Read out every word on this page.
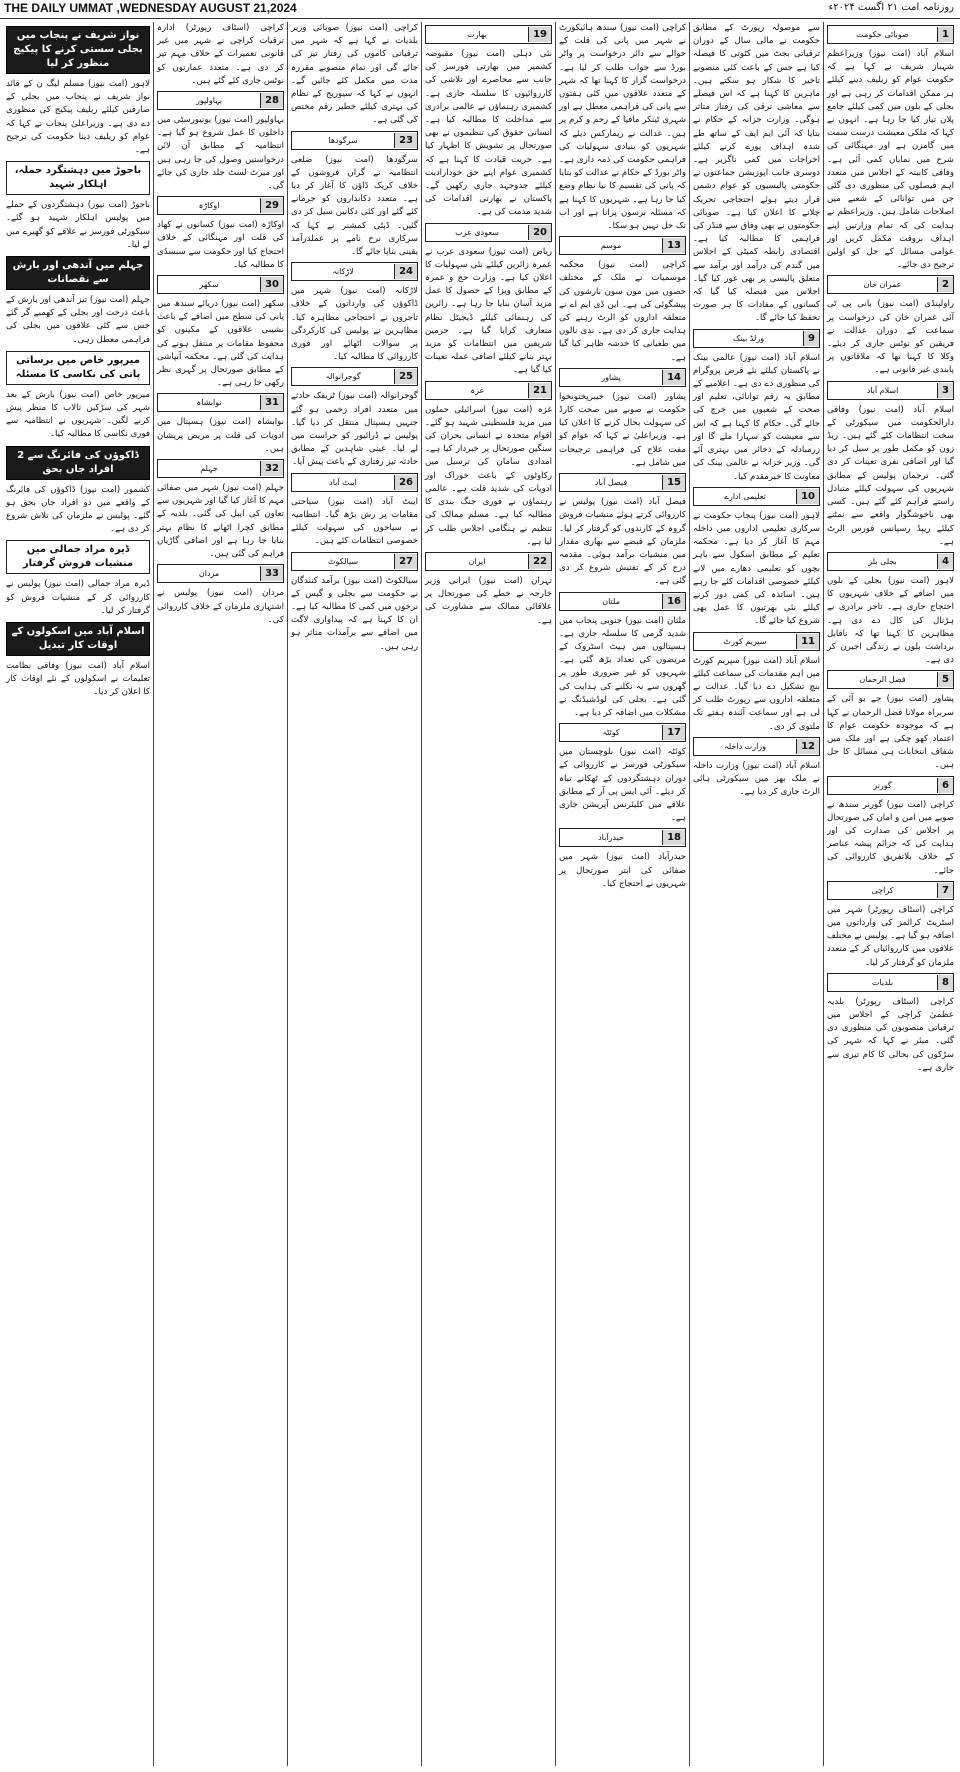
THE DAILY UMMAT ,WEDNESDAY AUGUST 21,2024	روزنامہ امت ۲۱ اگست ۲۰۲۴ء
1
صوبائی حکومت

اسلام آباد (امت نیوز) وزیراعظم شہباز شریف نے کہا ہے کہ حکومت عوام کو ریلیف دینے کیلئے ہر ممکن اقدامات کر رہی ہے اور بجلی کے بلوں میں کمی کیلئے جامع پلان تیار کیا جا رہا ہے۔ انہوں نے کہا کہ ملکی معیشت درست سمت میں گامزن ہے اور مہنگائی کی شرح میں نمایاں کمی آئی ہے۔ وفاقی کابینہ کے اجلاس میں متعدد اہم فیصلوں کی منظوری دی گئی جن میں توانائی کے شعبے میں اصلاحات شامل ہیں۔ وزیراعظم نے ہدایت کی کہ تمام وزارتیں اپنے اہداف بروقت مکمل کریں اور عوامی مسائل کے حل کو اولین ترجیح دی جائے۔

2
عمران خان

راولپنڈی (امت نیوز) بانی پی ٹی آئی عمران خان کی درخواست پر سماعت کے دوران عدالت نے فریقین کو نوٹس جاری کر دیئے۔ وکلا کا کہنا تھا کہ ملاقاتوں پر پابندی غیر قانونی ہے۔

3
اسلام آباد

اسلام آباد (امت نیوز) وفاقی دارالحکومت میں سیکورٹی کے سخت انتظامات کئے گئے ہیں۔ ریڈ زون کو مکمل طور پر سیل کر دیا گیا اور اضافی نفری تعینات کر دی گئی۔ ترجمان پولیس کے مطابق شہریوں کی سہولت کیلئے متبادل راستے فراہم کئے گئے ہیں۔ کسی بھی ناخوشگوار واقعے سے نمٹنے کیلئے ریپڈ رسپانس فورس الرٹ ہے۔

4
بجلی بلز

لاہور (امت نیوز) بجلی کے بلوں میں اضافے کے خلاف شہریوں کا احتجاج جاری ہے۔ تاجر برادری نے ہڑتال کی کال دے دی ہے۔ مظاہرین کا کہنا تھا کہ ناقابل برداشت بلوں نے زندگی اجیرن کر دی ہے۔

5
فضل الرحمان

پشاور (امت نیوز) جے یو آئی کے سربراہ مولانا فضل الرحمان نے کہا ہے کہ موجودہ حکومت عوام کا اعتماد کھو چکی ہے اور ملک میں شفاف انتخابات ہی مسائل کا حل ہیں۔

6
گورنر

کراچی (امت نیوز) گورنر سندھ نے صوبے میں امن و امان کی صورتحال پر اجلاس کی صدارت کی اور ہدایت کی کہ جرائم پیشہ عناصر کے خلاف بلاتفریق کارروائی کی جائے۔

7
کراچی

کراچی (اسٹاف رپورٹر) شہر میں اسٹریٹ کرائمز کی وارداتوں میں اضافہ ہو گیا ہے۔ پولیس نے مختلف علاقوں میں کارروائیاں کر کے متعدد ملزمان کو گرفتار کر لیا۔

8
بلدیات

کراچی (اسٹاف رپورٹر) بلدیہ عظمیٰ کراچی کے اجلاس میں ترقیاتی منصوبوں کی منظوری دی گئی۔ میئر نے کہا کہ شہر کی سڑکوں کی بحالی کا کام تیزی سے جاری ہے۔

سے موصولہ رپورٹ کے مطابق حکومت نے مالی سال کے دوران ترقیاتی بجٹ میں کٹوتی کا فیصلہ کیا ہے جس کے باعث کئی منصوبے تاخیر کا شکار ہو سکتے ہیں۔ ماہرین کا کہنا ہے کہ اس فیصلے سے معاشی ترقی کی رفتار متاثر ہوگی۔ وزارت خزانہ کے حکام نے بتایا کہ آئی ایم ایف کے ساتھ طے شدہ اہداف پورے کرنے کیلئے اخراجات میں کمی ناگزیر ہے۔ دوسری جانب اپوزیشن جماعتوں نے حکومتی پالیسیوں کو عوام دشمن قرار دیتے ہوئے احتجاجی تحریک چلانے کا اعلان کیا ہے۔ صوبائی حکومتوں نے بھی وفاق سے فنڈز کی فراہمی کا مطالبہ کیا ہے۔ اقتصادی رابطہ کمیٹی کے اجلاس میں گندم کی درآمد اور برآمد سے متعلق پالیسی پر بھی غور کیا گیا۔ اجلاس میں فیصلہ کیا گیا کہ کسانوں کے مفادات کا ہر صورت تحفظ کیا جائے گا۔

9
ورلڈ بینک

اسلام آباد (امت نیوز) عالمی بینک نے پاکستان کیلئے نئے قرض پروگرام کی منظوری دے دی ہے۔ اعلامیے کے مطابق یہ رقم توانائی، تعلیم اور صحت کے شعبوں میں خرچ کی جائے گی۔ حکام کا کہنا ہے کہ اس سے معیشت کو سہارا ملے گا اور زرمبادلہ کے ذخائر میں بہتری آئے گی۔ وزیر خزانہ نے عالمی بینک کی معاونت کا خیرمقدم کیا۔

10
تعلیمی ادارے

لاہور (امت نیوز) پنجاب حکومت نے سرکاری تعلیمی اداروں میں داخلہ مہم کا آغاز کر دیا ہے۔ محکمہ تعلیم کے مطابق اسکول سے باہر بچوں کو تعلیمی دھارے میں لانے کیلئے خصوصی اقدامات کئے جا رہے ہیں۔ اساتذہ کی کمی دور کرنے کیلئے نئی بھرتیوں کا عمل بھی شروع کیا جائے گا۔

11
سپریم کورٹ

اسلام آباد (امت نیوز) سپریم کورٹ میں اہم مقدمات کی سماعت کیلئے بنچ تشکیل دے دیا گیا۔ عدالت نے متعلقہ اداروں سے رپورٹ طلب کر لی ہے اور سماعت آئندہ ہفتے تک ملتوی کر دی۔

12
وزارت داخلہ

اسلام آباد (امت نیوز) وزارت داخلہ نے ملک بھر میں سیکورٹی ہائی الرٹ جاری کر دیا ہے۔

کراچی (امت نیوز) سندھ ہائیکورٹ نے شہر میں پانی کی قلت کے حوالے سے دائر درخواست پر واٹر بورڈ سے جواب طلب کر لیا ہے۔ درخواست گزار کا کہنا تھا کہ شہر کے متعدد علاقوں میں کئی ہفتوں سے پانی کی فراہمی معطل ہے اور شہری ٹینکر مافیا کے رحم و کرم پر ہیں۔ عدالت نے ریمارکس دیئے کہ شہریوں کو بنیادی سہولیات کی فراہمی حکومت کی ذمہ داری ہے۔ واٹر بورڈ کے حکام نے عدالت کو بتایا کہ پانی کی تقسیم کا نیا نظام وضع کیا جا رہا ہے۔ شہریوں کا کہنا ہے کہ مسئلہ برسوں پرانا ہے اور اب تک حل نہیں ہو سکا۔

13
موسم

کراچی (امت نیوز) محکمہ موسمیات نے ملک کے مختلف حصوں میں مون سون بارشوں کی پیشگوئی کی ہے۔ این ڈی ایم اے نے متعلقہ اداروں کو الرٹ رہنے کی ہدایت جاری کر دی ہے۔ ندی نالوں میں طغیانی کا خدشہ ظاہر کیا گیا ہے۔

14
پشاور

پشاور (امت نیوز) خیبرپختونخوا حکومت نے صوبے میں صحت کارڈ کی سہولت بحال کرنے کا اعلان کیا ہے۔ وزیراعلیٰ نے کہا کہ عوام کو مفت علاج کی فراہمی ترجیحات میں شامل ہے۔

15
فیصل آباد

فیصل آباد (امت نیوز) پولیس نے کارروائی کرتے ہوئے منشیات فروش گروہ کے کارندوں کو گرفتار کر لیا۔ ملزمان کے قبضے سے بھاری مقدار میں منشیات برآمد ہوئی۔ مقدمہ درج کر کے تفتیش شروع کر دی گئی ہے۔

16
ملتان

ملتان (امت نیوز) جنوبی پنجاب میں شدید گرمی کا سلسلہ جاری ہے۔ ہسپتالوں میں ہیٹ اسٹروک کے مریضوں کی تعداد بڑھ گئی ہے۔ شہریوں کو غیر ضروری طور پر گھروں سے نہ نکلنے کی ہدایت کی گئی ہے۔ بجلی کی لوڈشیڈنگ نے مشکلات میں اضافہ کر دیا ہے۔

17
کوئٹہ

کوئٹہ (امت نیوز) بلوچستان میں سیکورٹی فورسز نے کارروائی کے دوران دہشتگردوں کے ٹھکانے تباہ کر دیئے۔ آئی ایس پی آر کے مطابق علاقے میں کلیئرنس آپریشن جاری ہے۔

18
حیدرآباد

حیدرآباد (امت نیوز) شہر میں صفائی کی ابتر صورتحال پر شہریوں نے احتجاج کیا۔

19
بھارت

نئی دہلی (امت نیوز) مقبوضہ کشمیر میں بھارتی فورسز کی جانب سے محاصرے اور تلاشی کی کارروائیوں کا سلسلہ جاری ہے۔ کشمیری رہنماؤں نے عالمی برادری سے مداخلت کا مطالبہ کیا ہے۔ انسانی حقوق کی تنظیموں نے بھی صورتحال پر تشویش کا اظہار کیا ہے۔ حریت قیادت کا کہنا ہے کہ کشمیری عوام اپنے حق خودارادیت کیلئے جدوجہد جاری رکھیں گے۔ پاکستان نے بھارتی اقدامات کی شدید مذمت کی ہے۔

20
سعودی عرب

ریاض (امت نیوز) سعودی عرب نے عمرہ زائرین کیلئے نئی سہولیات کا اعلان کیا ہے۔ وزارت حج و عمرہ کے مطابق ویزا کے حصول کا عمل مزید آسان بنایا جا رہا ہے۔ زائرین کی رہنمائی کیلئے ڈیجیٹل نظام متعارف کرایا گیا ہے۔ حرمین شریفین میں انتظامات کو مزید بہتر بنانے کیلئے اضافی عملہ تعینات کیا گیا ہے۔

21
غزہ

غزہ (امت نیوز) اسرائیلی حملوں میں مزید فلسطینی شہید ہو گئے۔ اقوام متحدہ نے انسانی بحران کی سنگین صورتحال پر خبردار کیا ہے۔ امدادی سامان کی ترسیل میں رکاوٹوں کے باعث خوراک اور ادویات کی شدید قلت ہے۔ عالمی رہنماؤں نے فوری جنگ بندی کا مطالبہ کیا ہے۔ مسلم ممالک کی تنظیم نے ہنگامی اجلاس طلب کر لیا ہے۔

22
ایران

تہران (امت نیوز) ایرانی وزیر خارجہ نے خطے کی صورتحال پر علاقائی ممالک سے مشاورت کی ہے۔

کراچی (امت نیوز) صوبائی وزیر بلدیات نے کہا ہے کہ شہر میں ترقیاتی کاموں کی رفتار تیز کی جائے گی اور تمام منصوبے مقررہ مدت میں مکمل کئے جائیں گے۔ انہوں نے کہا کہ سیوریج کے نظام کی بہتری کیلئے خطیر رقم مختص کی گئی ہے۔

23
سرگودھا

سرگودھا (امت نیوز) ضلعی انتظامیہ نے گراں فروشوں کے خلاف کریک ڈاؤن کا آغاز کر دیا ہے۔ متعدد دکانداروں کو جرمانے کئے گئے اور کئی دکانیں سیل کر دی گئیں۔ ڈپٹی کمشنر نے کہا کہ سرکاری نرخ نامے پر عملدرآمد یقینی بنایا جائے گا۔

24
لاڑکانہ

لاڑکانہ (امت نیوز) شہر میں ڈاکوؤں کی وارداتوں کے خلاف تاجروں نے احتجاجی مظاہرہ کیا۔ مظاہرین نے پولیس کی کارکردگی پر سوالات اٹھائے اور فوری کارروائی کا مطالبہ کیا۔

25
گوجرانوالہ

گوجرانوالہ (امت نیوز) ٹریفک حادثے میں متعدد افراد زخمی ہو گئے جنہیں ہسپتال منتقل کر دیا گیا۔ پولیس نے ڈرائیور کو حراست میں لے لیا۔ عینی شاہدین کے مطابق حادثہ تیز رفتاری کے باعث پیش آیا۔

26
ایبٹ آباد

ایبٹ آباد (امت نیوز) سیاحتی مقامات پر رش بڑھ گیا۔ انتظامیہ نے سیاحوں کی سہولت کیلئے خصوصی انتظامات کئے ہیں۔

27
سیالکوٹ

سیالکوٹ (امت نیوز) برآمد کنندگان نے حکومت سے بجلی و گیس کے نرخوں میں کمی کا مطالبہ کیا ہے۔ ان کا کہنا ہے کہ پیداواری لاگت میں اضافے سے برآمدات متاثر ہو رہی ہیں۔

کراچی (اسٹاف رپورٹر) ادارہ ترقیات کراچی نے شہر میں غیر قانونی تعمیرات کے خلاف مہم تیز کر دی ہے۔ متعدد عمارتوں کو نوٹس جاری کئے گئے ہیں۔

28
بہاولپور

بہاولپور (امت نیوز) یونیورسٹی میں داخلوں کا عمل شروع ہو گیا ہے۔ انتظامیہ کے مطابق آن لائن درخواستیں وصول کی جا رہی ہیں اور میرٹ لسٹ جلد جاری کی جائے گی۔

29
اوکاڑہ

اوکاڑہ (امت نیوز) کسانوں نے کھاد کی قلت اور مہنگائی کے خلاف احتجاج کیا اور حکومت سے سبسڈی کا مطالبہ کیا۔

30
سکھر

سکھر (امت نیوز) دریائے سندھ میں پانی کی سطح میں اضافے کے باعث نشیبی علاقوں کے مکینوں کو محفوظ مقامات پر منتقل ہونے کی ہدایت کی گئی ہے۔ محکمہ آبپاشی کے مطابق صورتحال پر گہری نظر رکھی جا رہی ہے۔

31
نوابشاہ

نوابشاہ (امت نیوز) ہسپتال میں ادویات کی قلت پر مریض پریشان ہیں۔

32
جہلم

جہلم (امت نیوز) شہر میں صفائی مہم کا آغاز کیا گیا اور شہریوں سے تعاون کی اپیل کی گئی۔ بلدیہ کے مطابق کچرا اٹھانے کا نظام بہتر بنایا جا رہا ہے اور اضافی گاڑیاں فراہم کی گئی ہیں۔

33
مردان

مردان (امت نیوز) پولیس نے اشتہاری ملزمان کے خلاف کارروائی کی۔

نواز شریف نے پنجاب میں بجلی سستی کرنے کا پیکیج منظور کر لیا

لاہور (امت نیوز) مسلم لیگ ن کے قائد نواز شریف نے پنجاب میں بجلی کے صارفین کیلئے ریلیف پیکیج کی منظوری دے دی ہے۔ وزیراعلیٰ پنجاب نے کہا کہ عوام کو ریلیف دینا حکومت کی ترجیح ہے۔

باجوڑ میں دہشتگرد حملہ، اہلکار شہید

باجوڑ (امت نیوز) دہشتگردوں کے حملے میں پولیس اہلکار شہید ہو گئے۔ سیکورٹی فورسز نے علاقے کو گھیرے میں لے لیا۔

جہلم میں آندھی اور بارش سے نقصانات

جہلم (امت نیوز) تیز آندھی اور بارش کے باعث درخت اور بجلی کے کھمبے گر گئے جس سے کئی علاقوں میں بجلی کی فراہمی معطل رہی۔

میرپور خاص میں برساتی پانی کی نکاسی کا مسئلہ

میرپور خاص (امت نیوز) بارش کے بعد شہر کی سڑکیں تالاب کا منظر پیش کرنے لگیں۔ شہریوں نے انتظامیہ سے فوری نکاسی کا مطالبہ کیا۔

ڈاکوؤں کی فائرنگ سے 2 افراد جاں بحق

کشمور (امت نیوز) ڈاکوؤں کی فائرنگ کے واقعے میں دو افراد جاں بحق ہو گئے۔ پولیس نے ملزمان کی تلاش شروع کر دی ہے۔

ڈیرہ مراد جمالی میں منشیات فروش گرفتار

ڈیرہ مراد جمالی (امت نیوز) پولیس نے کارروائی کر کے منشیات فروش کو گرفتار کر لیا۔

اسلام آباد میں اسکولوں کے اوقات کار تبدیل

اسلام آباد (امت نیوز) وفاقی نظامت تعلیمات نے اسکولوں کے نئے اوقات کار کا اعلان کر دیا۔
